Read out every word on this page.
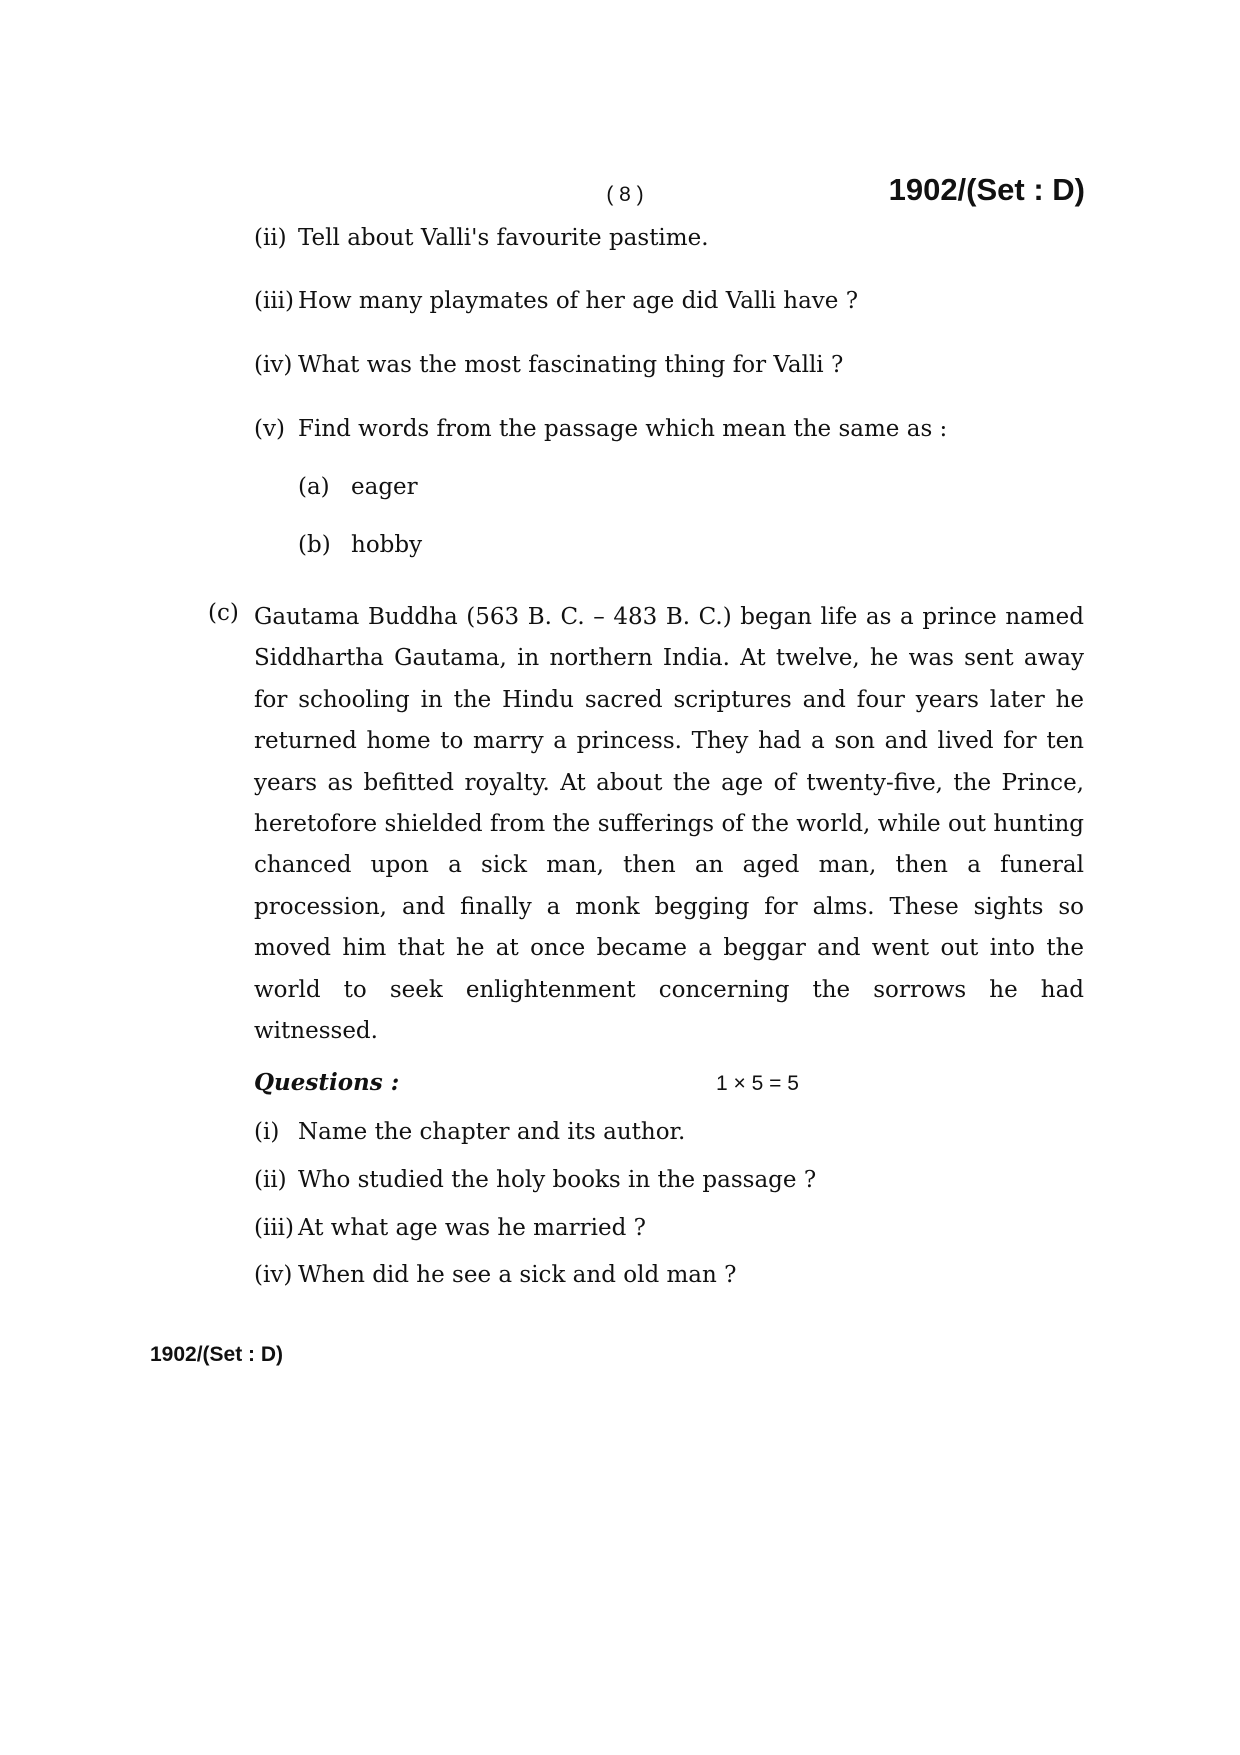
( 8 )	1902/(Set : D)
(ii) Tell about Valli's favourite pastime.
(iii) How many playmates of her age did Valli have ?
(iv) What was the most fascinating thing for Valli ?
(v) Find words from the passage which mean the same as :
(a) eager
(b) hobby
(c) Gautama Buddha (563 B. C. – 483 B. C.) began life as a prince named Siddhartha Gautama, in northern India. At twelve, he was sent away for schooling in the Hindu sacred scriptures and four years later he returned home to marry a princess. They had a son and lived for ten years as befitted royalty. At about the age of twenty-five, the Prince, heretofore shielded from the sufferings of the world, while out hunting chanced upon a sick man, then an aged man, then a funeral procession, and finally a monk begging for alms. These sights so moved him that he at once became a beggar and went out into the world to seek enlightenment concerning the sorrows he had witnessed.
Questions :	1 × 5 = 5
(i) Name the chapter and its author.
(ii) Who studied the holy books in the passage ?
(iii) At what age was he married ?
(iv) When did he see a sick and old man ?
1902/(Set : D)
